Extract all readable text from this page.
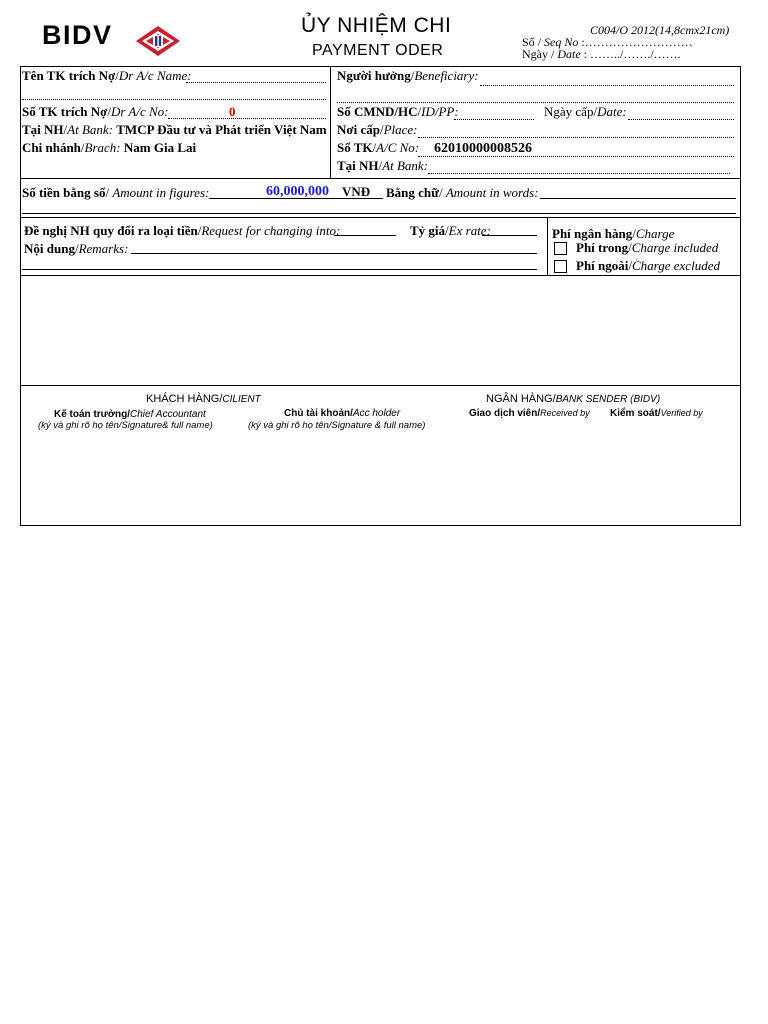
BIDV	ỦY NHIỆM CHI
PAYMENT ODER
C004/O 2012(14,8cmx21cm)
Số / Seq No :………………………
Ngày / Date : ……../……./…….
Tên TK trích Nợ/Dr A/c Name:
Số TK trích Nợ/Dr A/c No:	0
Tại NH/At Bank: TMCP Đầu tư và Phát triển Việt Nam
Chi nhánh/Brach: Nam Gia Lai
Người hưởng/Beneficiary:
Số CMND/HC/ID/PP:	Ngày cấp/Date:
Nơi cấp/Place:
Số TK/A/C No: 62010000008526
Tại NH/At Bank:
Số tiền bằng số/ Amount in figures:	60,000,000 VNĐ Bằng chữ/ Amount in words:
Đề nghị NH quy đổi ra loại tiền/Request for changing into:	Tỷ giá/Ex rate:
Nội dung/Remarks:
Phí ngân hàng/Charge
Phí trong/Charge included
Phí ngoài/Charge excluded
KHÁCH HÀNG/CILIENT
Kế toán trưởng/Chief Accountant
(ký và ghi rõ họ tên/Signature& full name)
Chủ tài khoản/Acc holder
(ký và ghi rõ họ tên/Signature & full name)
NGÂN HÀNG/BANK SENDER (BIDV)
Giao dịch viên/Received by Kiểm soát/Verified by
